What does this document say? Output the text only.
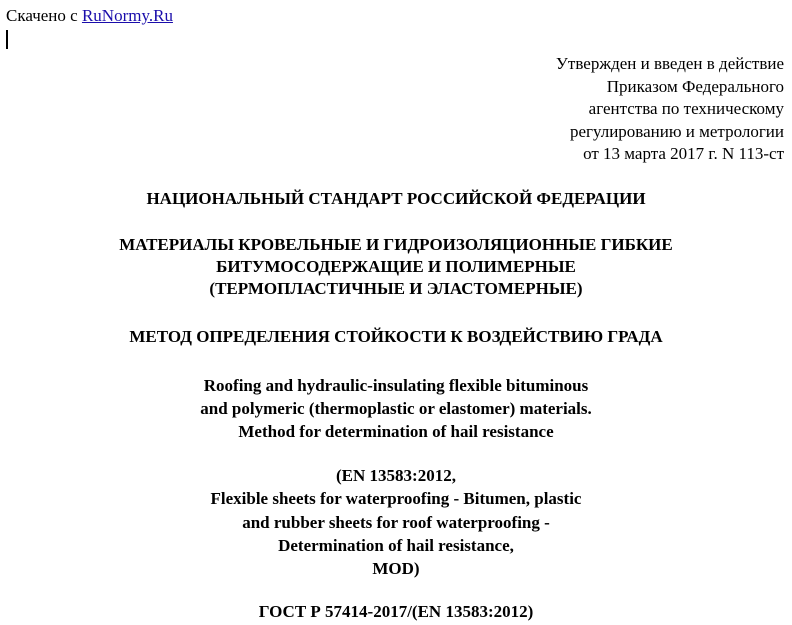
Скачено с RuNormy.Ru
Утвержден и введен в действие
Приказом Федерального
агентства по техническому
регулированию и метрологии
от 13 марта 2017 г. N 113-ст
НАЦИОНАЛЬНЫЙ СТАНДАРТ РОССИЙСКОЙ ФЕДЕРАЦИИ
МАТЕРИАЛЫ КРОВЕЛЬНЫЕ И ГИДРОИЗОЛЯЦИОННЫЕ ГИБКИЕ
БИТУМОСОДЕРЖАЩИЕ И ПОЛИМЕРНЫЕ
(ТЕРМОПЛАСТИЧНЫЕ И ЭЛАСТОМЕРНЫЕ)
МЕТОД ОПРЕДЕЛЕНИЯ СТОЙКОСТИ К ВОЗДЕЙСТВИЮ ГРАДА
Roofing and hydraulic-insulating flexible bituminous
and polymeric (thermoplastic or elastomer) materials.
Method for determination of hail resistance
(EN 13583:2012,
Flexible sheets for waterproofing - Bitumen, plastic
and rubber sheets for roof waterproofing -
Determination of hail resistance,
MOD)
ГОСТ Р 57414-2017/(EN 13583:2012)
